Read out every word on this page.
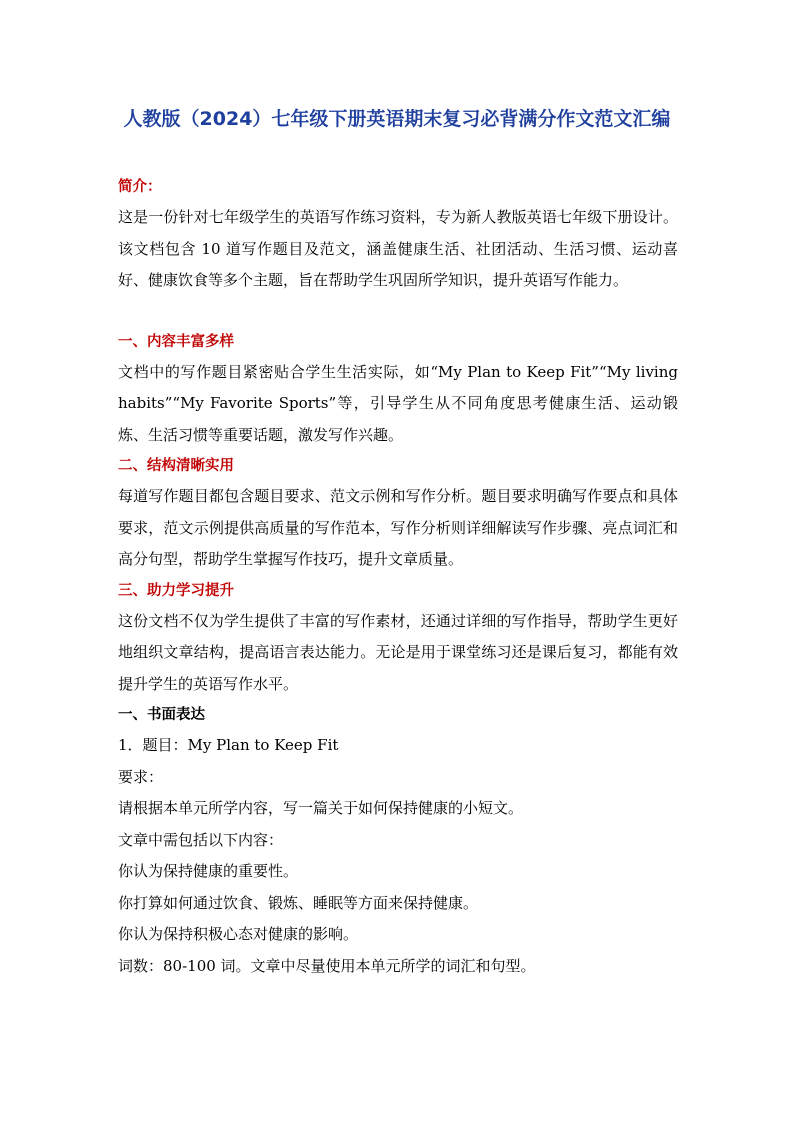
人教版（2024）七年级下册英语期末复习必背满分作文范文汇编
简介：

这是一份针对七年级学生的英语写作练习资料，专为新人教版英语七年级下册设计。该文档包含 10 道写作题目及范文，涵盖健康生活、社团活动、生活习惯、运动喜好、健康饮食等多个主题，旨在帮助学生巩固所学知识，提升英语写作能力。

一、内容丰富多样

文档中的写作题目紧密贴合学生生活实际，如“My Plan to Keep Fit”“My living habits”“My Favorite Sports”等，引导学生从不同角度思考健康生活、运动锻炼、生活习惯等重要话题，激发写作兴趣。

二、结构清晰实用

每道写作题目都包含题目要求、范文示例和写作分析。题目要求明确写作要点和具体要求，范文示例提供高质量的写作范本，写作分析则详细解读写作步骤、亮点词汇和高分句型，帮助学生掌握写作技巧，提升文章质量。

三、助力学习提升

这份文档不仅为学生提供了丰富的写作素材，还通过详细的写作指导，帮助学生更好地组织文章结构，提高语言表达能力。无论是用于课堂练习还是课后复习，都能有效提升学生的英语写作水平。

一、书面表达
1．题目：My Plan to Keep Fit
要求：
请根据本单元所学内容，写一篇关于如何保持健康的小短文。
文章中需包括以下内容：
你认为保持健康的重要性。
你打算如何通过饮食、锻炼、睡眠等方面来保持健康。
你认为保持积极心态对健康的影响。
词数：80-100 词。文章中尽量使用本单元所学的词汇和句型。
